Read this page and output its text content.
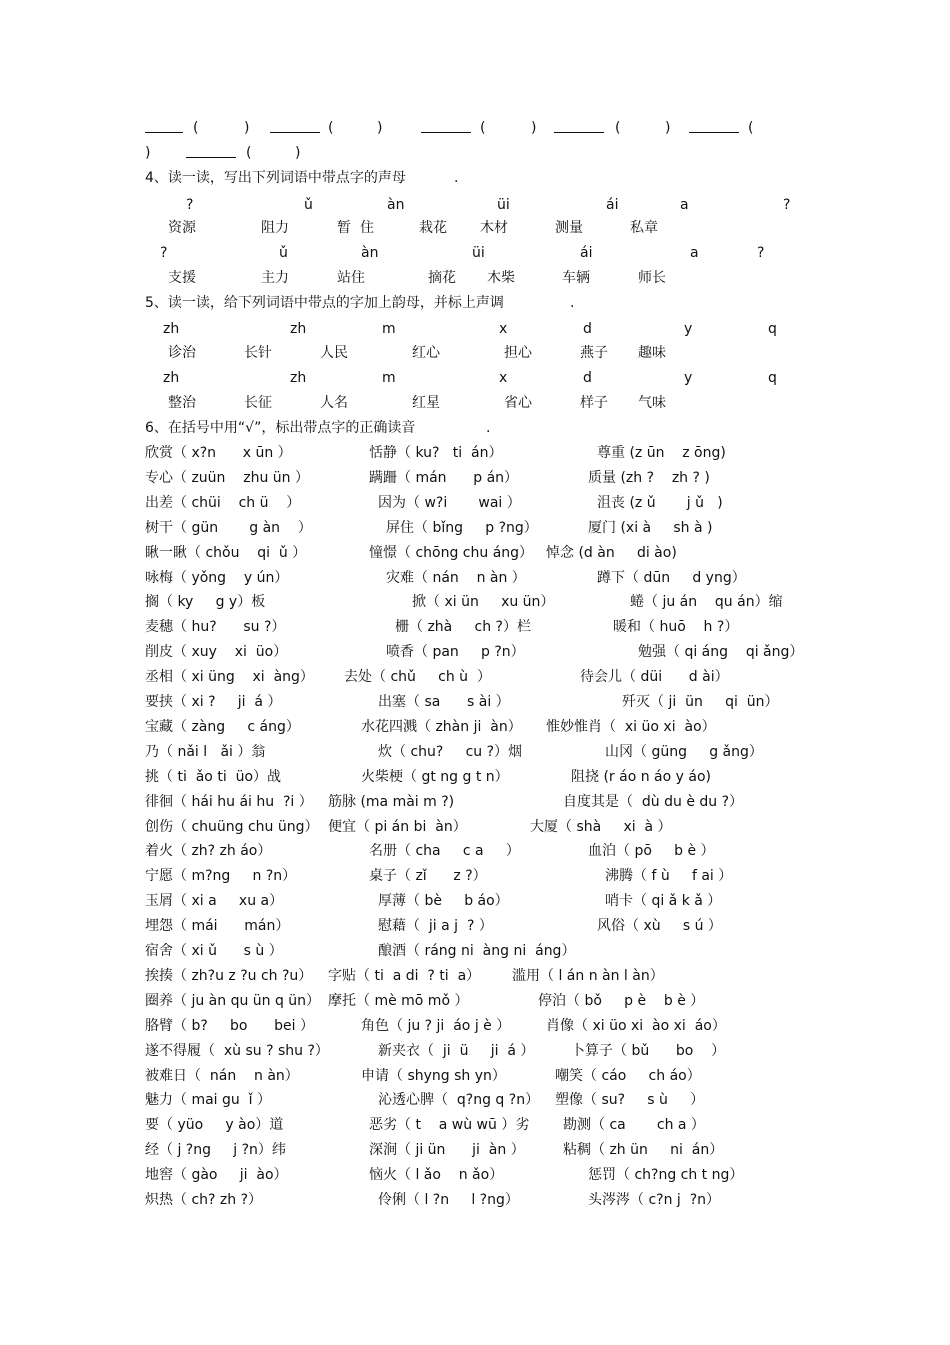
(	)	(	)	(	)	(	)	(
)	(	)
4、读一读，写出下列词语中带点字的声母	.
?	ǔ	àn	üi	ái	a	?
资源	阻力	暂 住	栽花 木材	测量	私章
?	ǔ	àn	üi	ái	a	?
支援	主力	站住	摘花 木柴	车辆	师长
5、读一读，给下列词语中带点的字加上韵母，并标上声调	.
zh	zh	m	x	d	y	q
诊治	长针	人民	红心	担心	燕子 趣味
zh	zh	m	x	d	y	q
整治	长征	人名	红星	省心	样子 气味
6、在括号中用“√”，标出带点字的正确读音	.
欣赏（ x?n      x ūn ）	恬静（ ku?   ti  án）	尊重 (z ūn    z ōng)
专心（ zuün    zhu ün ）	蹒跚（ mán      p án）	质量 (zh ?    zh ? )
出差（ chüi    ch ü    ）	因为（ w?i       wai ）	沮丧 (z ǔ       j ǔ   )
树干（ gün       g àn    ）	屏住（ bǐng     p ?ng）	厦门 (xi à     sh à )
瞅一瞅（ chǒu    qi  ǔ ）	憧憬（ chōng chu áng） 悼念 (d àn     di ào)
咏梅（ yǒng    y ún）	灾难（ nán    n àn ）	蹲下（ dūn     d yng）
搁（ ky     g y）板	掀（ xi ün     xu ün）	蜷（ ju án    qu án）缩
麦穗（ hu?      su ?）	栅（ zhà     ch ?）栏	暖和（ huō    h ?）
削皮（ xuy    xi  üo）	喷香（ pan     p ?n）	勉强（ qi áng    qi ǎng）
丞相（ xi üng    xi  àng） 去处（ chǔ     ch ù  ）	待会儿（ düi      d ài）
要挟（ xi ?     ji  á ）	出塞（ sa      s ài ）	歼灭（ ji  ün     qi  ün）
宝藏（ zàng     c áng）	水花四溅（ zhàn ji  àn） 惟妙惟肖（  xi üo xi  ào）
乃（ nǎi l   ǎi ）翁	炊（ chu?     cu ?）烟	山冈（ güng     g ǎng）
挑（ ti  ǎo ti  üo）战	火柴梗（ gt ng g t n）	阻挠 (r áo n áo y áo)
徘徊（ hái hu ái hu  ?i ） 筋脉 (ma mài m ?)	自度其是（  dù du è du ?）
创伤（ chuüng chu üng） 便宜（ pi án bi  àn）	大厦（ shà     xi  à ）
着火（ zh? zh áo）	名册（ cha     c a     ）	血泊（ pō     b è ）
宁愿（ m?ng     n ?n）	桌子（ zǐ      z ?）	沸腾（ f ù     f ai ）
玉屑（ xi a     xu a）	厚薄（ bè     b áo）	哨卡（ qi ǎ k ǎ ）
埋怨（ mái      mán）	慰藉（  ji a j  ? ）	风俗（ xù     s ú ）
宿舍（ xi ǔ      s ù ）	酿酒（ ráng ni  àng ni  áng）
挨揍（ zh?u z ?u ch ?u） 字贴（ ti  a di  ? ti  a） 滥用（ l án n àn l àn）
圈养（ ju àn qu ün q ün） 摩托（ mè mō mǒ ）	停泊（ bǒ     p è    b è ）
胳臂（ b?     bo      bei ）	角色（ ju ? ji  áo j è ）	肖像（ xi üo xi  ào xi  áo）
遂不得履（  xù su ? shu ?）	新夹衣（  ji  ü     ji  á ）	卜算子（ bǔ      bo    ）
被难日（  nán    n àn）	申请（ shyng sh yn）	嘲笑（ cáo     ch áo）
魅力（ mai gu  ǐ ）	沁透心脾（  q?ng q ?n） 塑像（ su?     s ù     ）
要（ yüo     y ào）道	恶劣（ t    a wù wū ）劣 勘测（ ca       ch a ）
经（ j ?ng     j ?n）纬	深涧（ ji ün      ji  àn ）	粘稠（ zh ün     ni  án）
地窖（ gào     ji  ào）	恼火（ l ǎo    n ǎo）	惩罚（ ch?ng ch t ng）
炽热（ ch? zh ?）	伶俐（ l ?n     l ?ng）	头涔涔（ c?n j  ?n）
